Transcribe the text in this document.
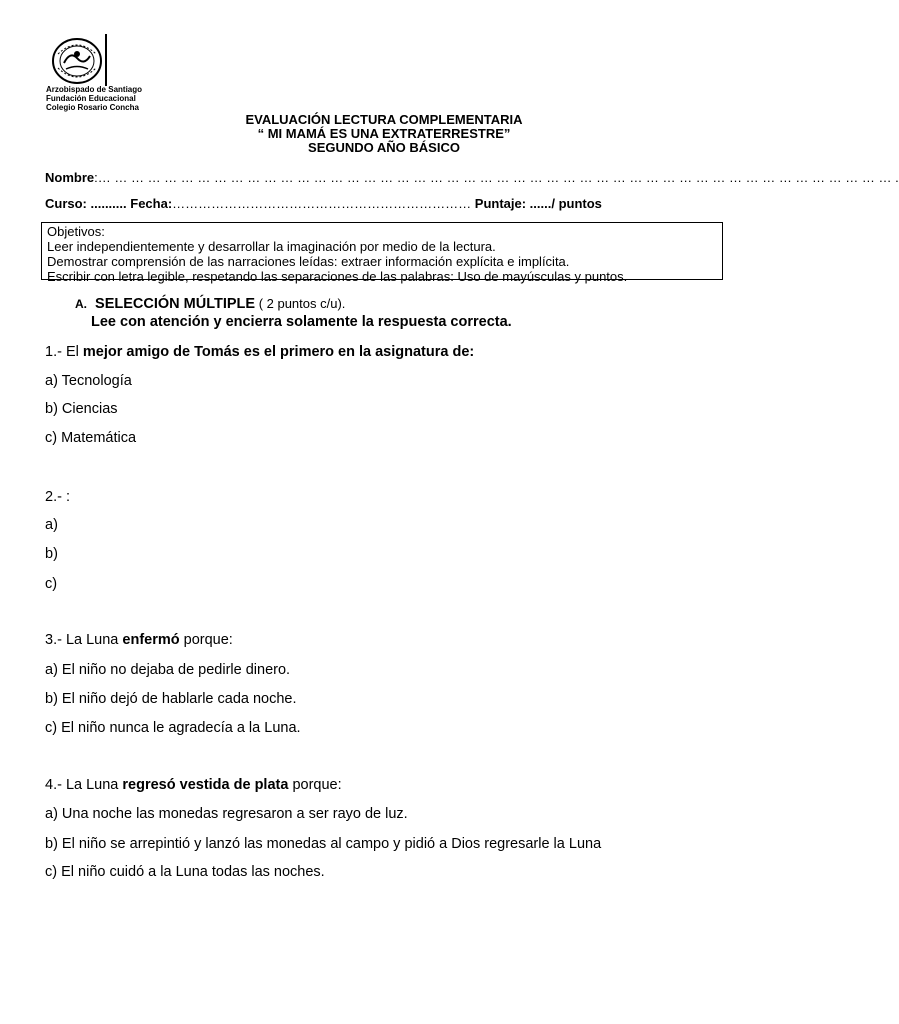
Arzobispado de Santiago
Fundación Educacional
Colegio Rosario Concha
EVALUACIÓN LECTURA COMPLEMENTARIA
“ MI MAMÁ ES UNA EXTRATERRESTRE”
SEGUNDO AÑO BÁSICO
Nombre:… … … … … … … … … … … … … … … … … … … … … … … … … … … … … … … … … … … … … … … … … … … … … … … … .
Curso: .......... Fecha:…………………………………………………………… Puntaje: ....../ puntos
Objetivos:
Leer independientemente y desarrollar la imaginación por medio de la lectura.
Demostrar comprensión de las narraciones leídas: extraer información explícita e implícita.
Escribir con letra legible, respetando las separaciones de las palabras: Uso de mayúsculas y puntos.
A. SELECCIÓN MÚLTIPLE ( 2 puntos c/u).
Lee con atención y encierra solamente la respuesta correcta.
1.- El mejor amigo de Tomás es el primero en la asignatura de:
a) Tecnología
b) Ciencias
c) Matemática
2.- :
a)
b)
c)
3.- La Luna enfermó porque:
a) El niño no dejaba de pedirle dinero.
b) El niño dejó de hablarle cada noche.
c) El niño nunca le agradecía a la Luna.
4.- La Luna regresó vestida de plata porque:
a) Una noche las monedas regresaron a ser rayo de luz.
b) El niño se arrepintió y lanzó las monedas al campo y pidió a Dios regresarle la Luna
c) El niño cuidó a la Luna todas las noches.
